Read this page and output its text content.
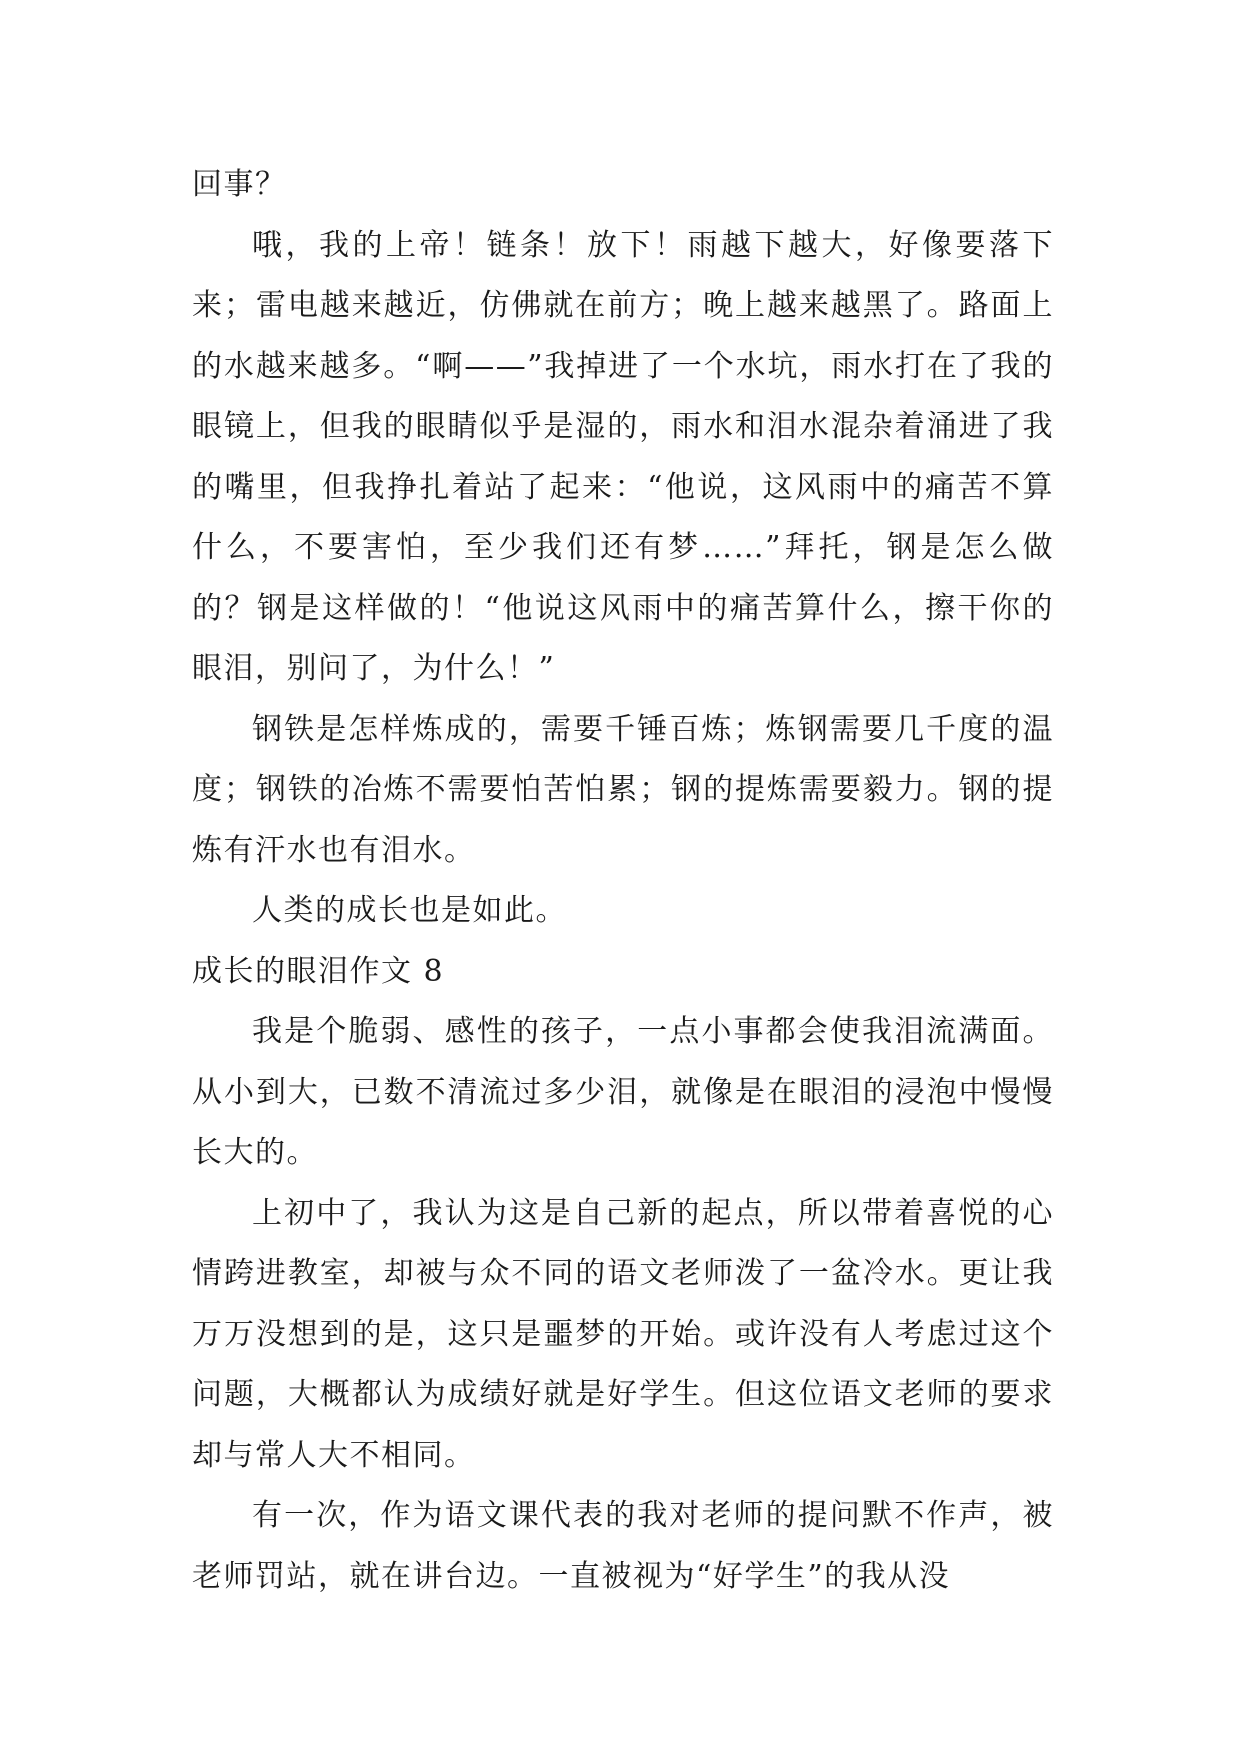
回事？

哦，我的上帝！链条！放下！雨越下越大，好像要落下来；雷电越来越近，仿佛就在前方；晚上越来越黑了。路面上的水越来越多。“啊——”我掉进了一个水坑，雨水打在了我的眼镜上，但我的眼睛似乎是湿的，雨水和泪水混杂着涌进了我的嘴里，但我挣扎着站了起来：“他说，这风雨中的痛苦不算什么，不要害怕，至少我们还有梦……”拜托，钢是怎么做的？钢是这样做的！“他说这风雨中的痛苦算什么，擦干你的眼泪，别问了，为什么！”

钢铁是怎样炼成的，需要千锤百炼；炼钢需要几千度的温度；钢铁的冶炼不需要怕苦怕累；钢的提炼需要毅力。钢的提炼有汗水也有泪水。

人类的成长也是如此。

成长的眼泪作文 8

我是个脆弱、感性的孩子，一点小事都会使我泪流满面。从小到大，已数不清流过多少泪，就像是在眼泪的浸泡中慢慢长大的。

上初中了，我认为这是自己新的起点，所以带着喜悦的心情跨进教室，却被与众不同的语文老师泼了一盆冷水。更让我万万没想到的是，这只是噩梦的开始。或许没有人考虑过这个问题，大概都认为成绩好就是好学生。但这位语文老师的要求却与常人大不相同。

有一次，作为语文课代表的我对老师的提问默不作声，被老师罚站，就在讲台边。一直被视为“好学生”的我从没
